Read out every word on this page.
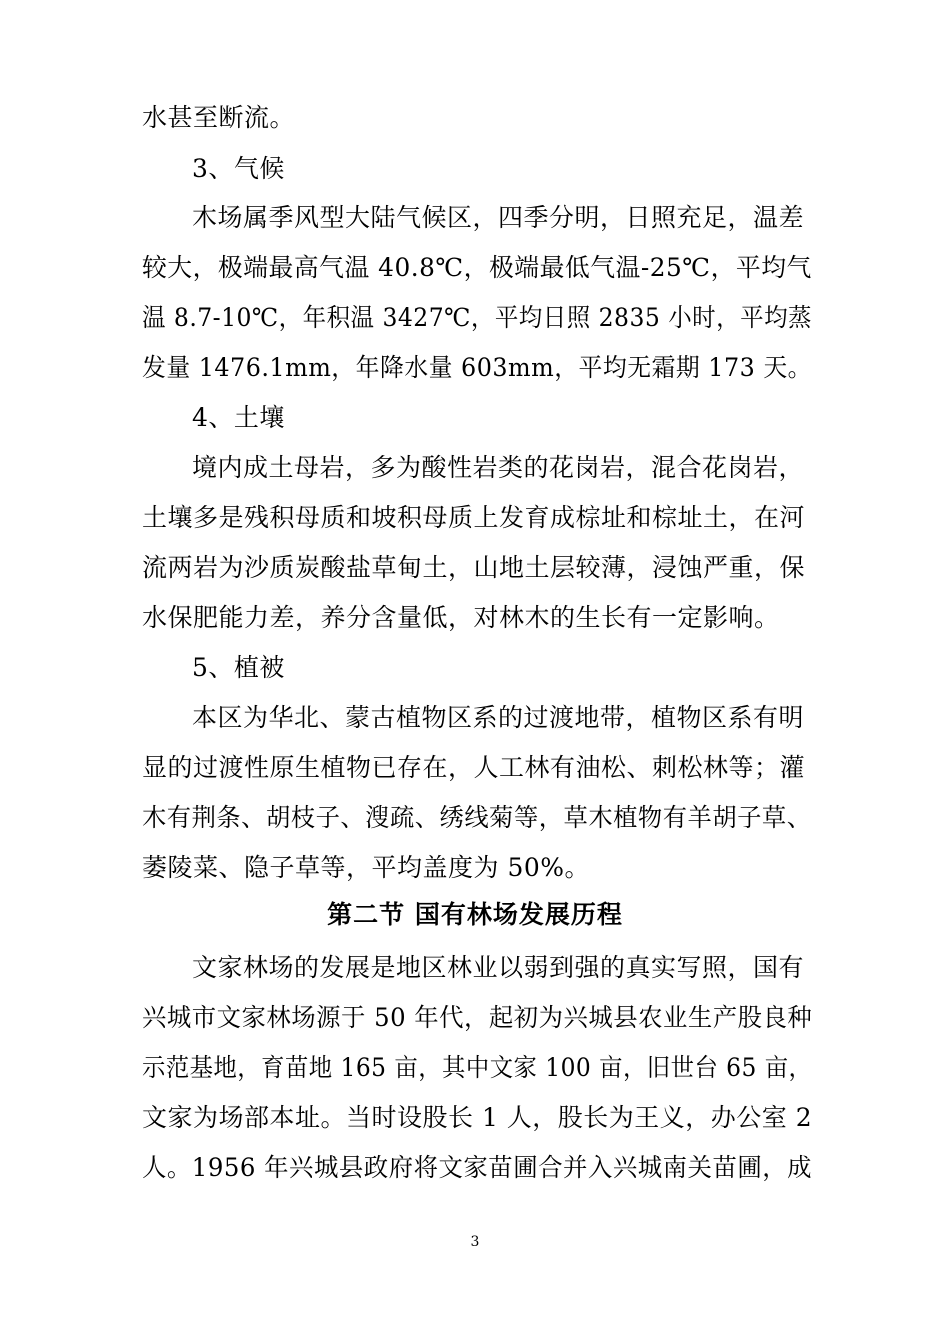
水甚至断流。
3、气候
木场属季风型大陆气候区，四季分明，日照充足，温差
较大，极端最高气温 40.8℃，极端最低气温-25℃，平均气
温 8.7-10℃，年积温 3427℃，平均日照 2835 小时，平均蒸
发量 1476.1mm，年降水量 603mm，平均无霜期 173 天。
4、土壤
境内成土母岩，多为酸性岩类的花岗岩，混合花岗岩，
土壤多是残积母质和坡积母质上发育成棕址和棕址土，在河
流两岩为沙质炭酸盐草甸土，山地土层较薄，浸蚀严重，保
水保肥能力差，养分含量低，对林木的生长有一定影响。
5、植被
本区为华北、蒙古植物区系的过渡地带，植物区系有明
显的过渡性原生植物已存在，人工林有油松、刺松林等；灌
木有荆条、胡枝子、溲疏、绣线菊等，草木植物有羊胡子草、
萎陵菜、隐子草等，平均盖度为 50%。
第二节 国有林场发展历程
文家林场的发展是地区林业以弱到强的真实写照，国有
兴城市文家林场源于 50 年代，起初为兴城县农业生产股良种
示范基地，育苗地 165 亩，其中文家 100 亩，旧世台 65 亩，
文家为场部本址。当时设股长 1 人，股长为王义，办公室 2
人。1956 年兴城县政府将文家苗圃合并入兴城南关苗圃，成
3
